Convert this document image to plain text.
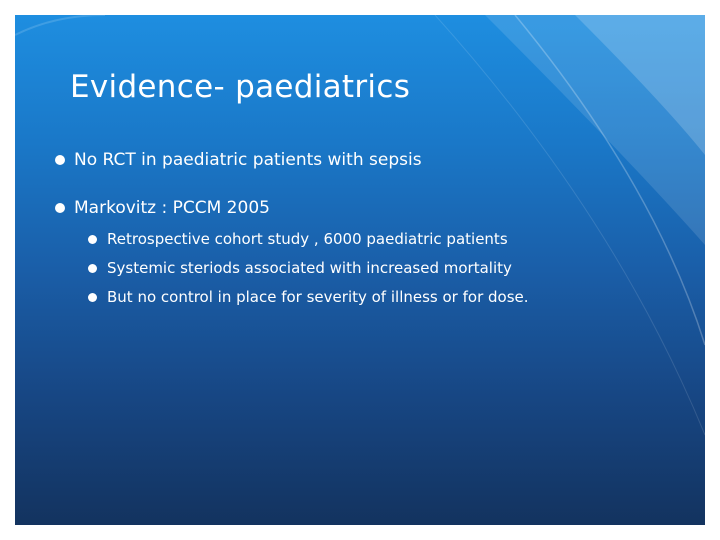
Evidence- paediatrics
No RCT in paediatric patients with sepsis
Markovitz : PCCM 2005
Retrospective cohort study , 6000 paediatric patients
Systemic steriods associated with increased mortality
But no control in place for severity of illness or for dose.
